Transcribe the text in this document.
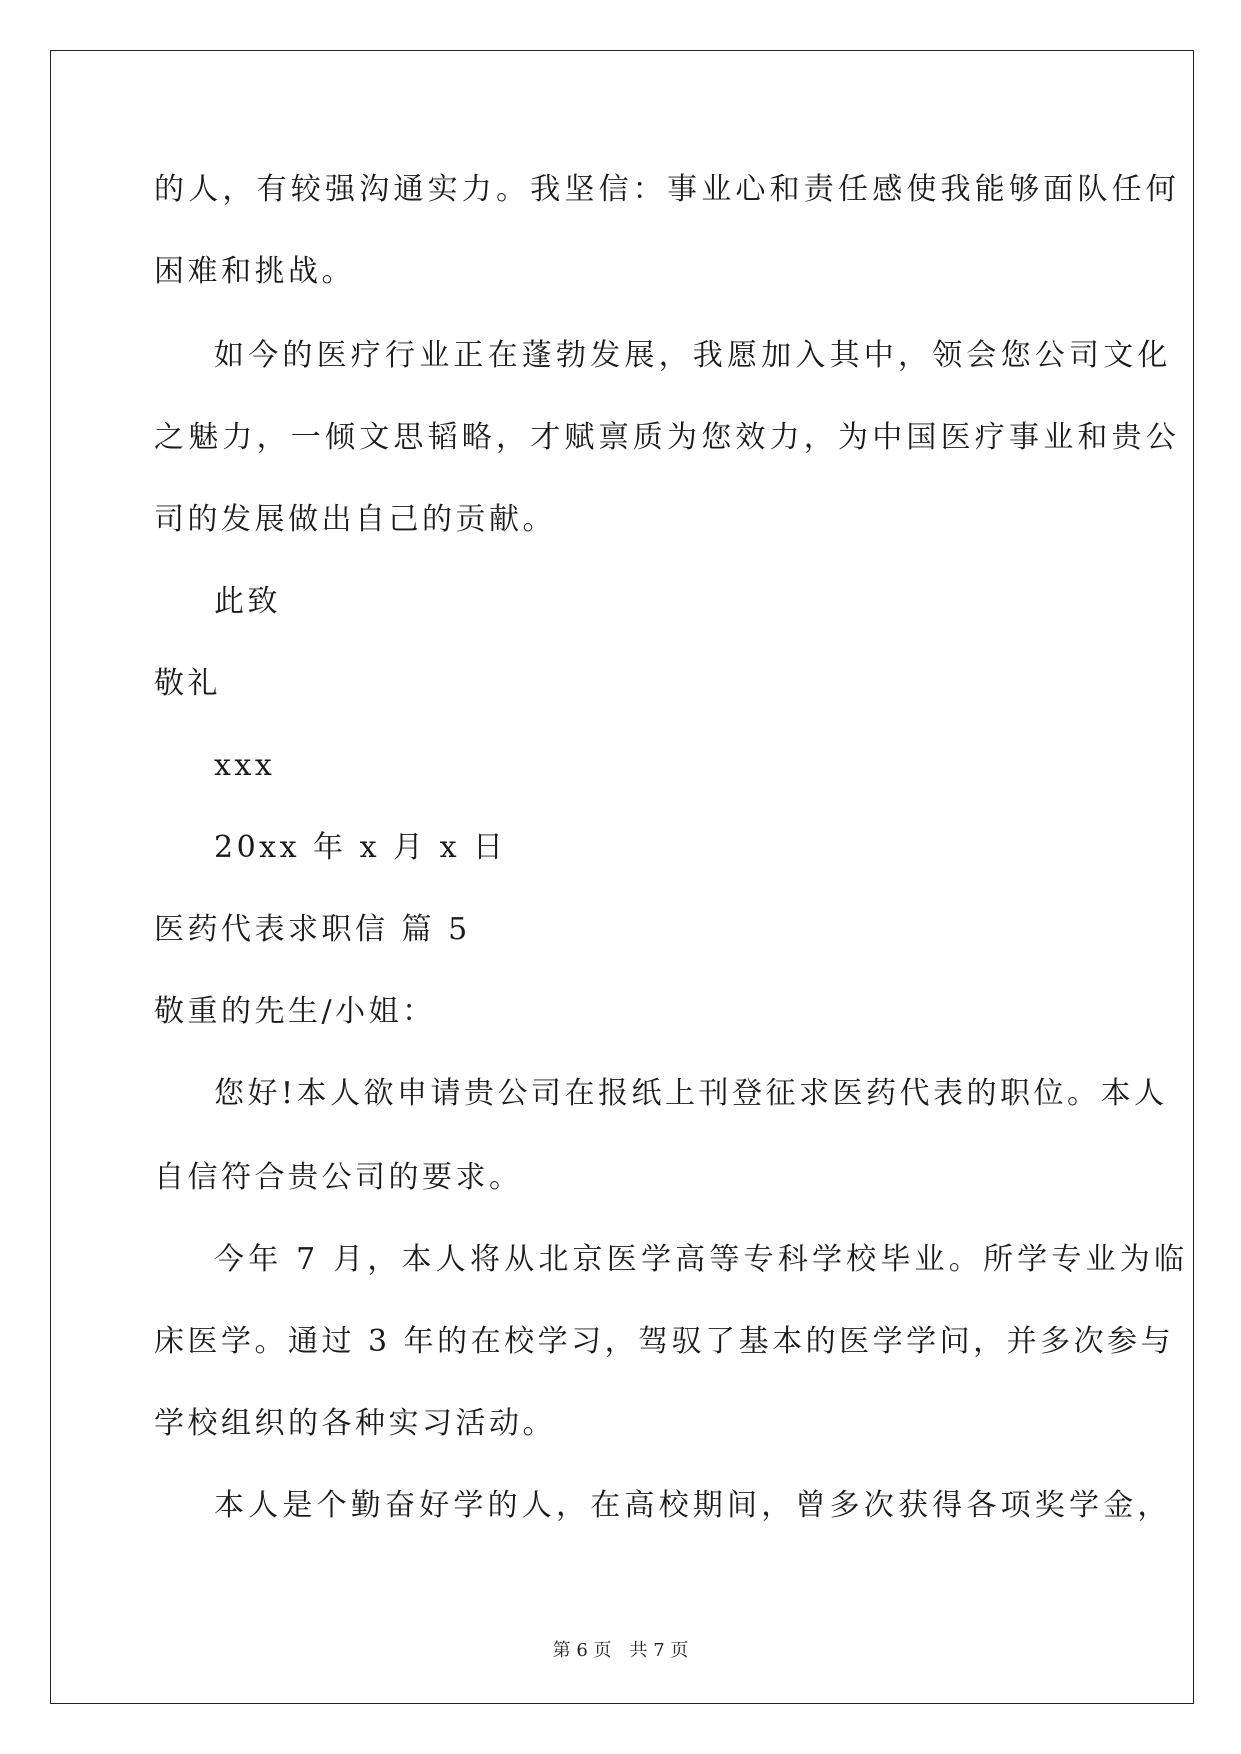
的人，有较强沟通实力。我坚信：事业心和责任感使我能够面队任何
困难和挑战。
如今的医疗行业正在蓬勃发展，我愿加入其中，领会您公司文化
之魅力，一倾文思韬略，才赋禀质为您效力，为中国医疗事业和贵公
司的发展做出自己的贡献。
此致
敬礼
xxx
20xx 年 x 月 x 日
医药代表求职信 篇 5
敬重的先生/小姐：
您好!本人欲申请贵公司在报纸上刊登征求医药代表的职位。本人
自信符合贵公司的要求。
今年 7 月，本人将从北京医学高等专科学校毕业。所学专业为临
床医学。通过 3 年的在校学习，驾驭了基本的医学学问，并多次参与
学校组织的各种实习活动。
本人是个勤奋好学的人，在高校期间，曾多次获得各项奖学金，
第 6 页　共 7 页
